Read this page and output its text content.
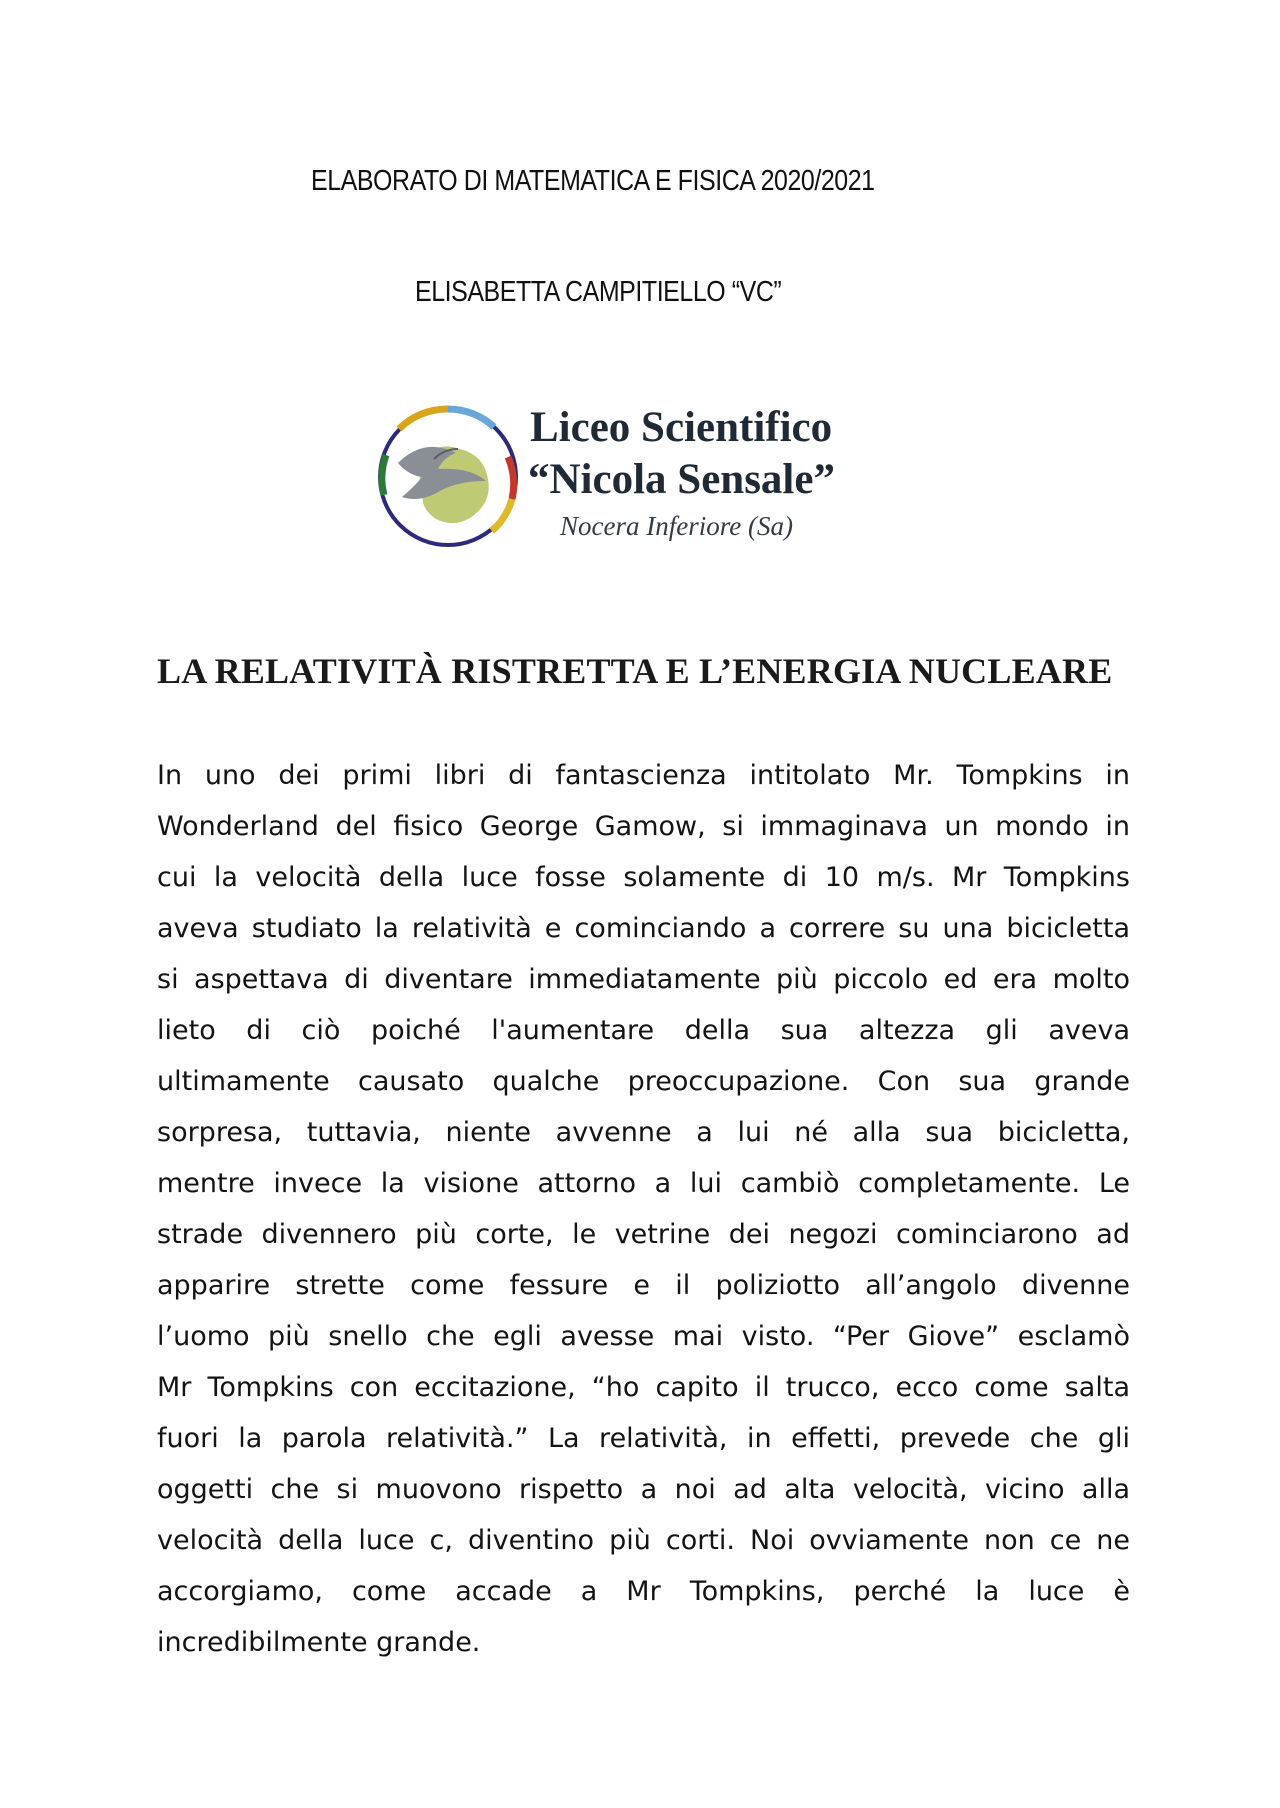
ELABORATO DI MATEMATICA E FISICA 2020/2021
ELISABETTA CAMPITIELLO “VC”
Liceo Scientifico
“Nicola Sensale”
Nocera Inferiore (Sa)
LA RELATIVITÀ RISTRETTA E L’ENERGIA NUCLEARE
In uno dei primi libri di fantascienza intitolato Mr. Tompkins in
Wonderland del fisico George Gamow, si immaginava un mondo in
cui la velocità della luce fosse solamente di 10 m/s. Mr Tompkins
aveva studiato la relatività e cominciando a correre su una bicicletta
si aspettava di diventare immediatamente più piccolo ed era molto
lieto di ciò poiché l'aumentare della sua altezza gli aveva
ultimamente causato qualche preoccupazione. Con sua grande
sorpresa, tuttavia, niente avvenne a lui né alla sua bicicletta,
mentre invece la visione attorno a lui cambiò completamente. Le
strade divennero più corte, le vetrine dei negozi cominciarono ad
apparire strette come fessure e il poliziotto all’angolo divenne
l’uomo più snello che egli avesse mai visto. “Per Giove” esclamò
Mr Tompkins con eccitazione, “ho capito il trucco, ecco come salta
fuori la parola relatività.” La relatività, in effetti, prevede che gli
oggetti che si muovono rispetto a noi ad alta velocità, vicino alla
velocità della luce c, diventino più corti. Noi ovviamente non ce ne
accorgiamo, come accade a Mr Tompkins, perché la luce è
incredibilmente grande.
